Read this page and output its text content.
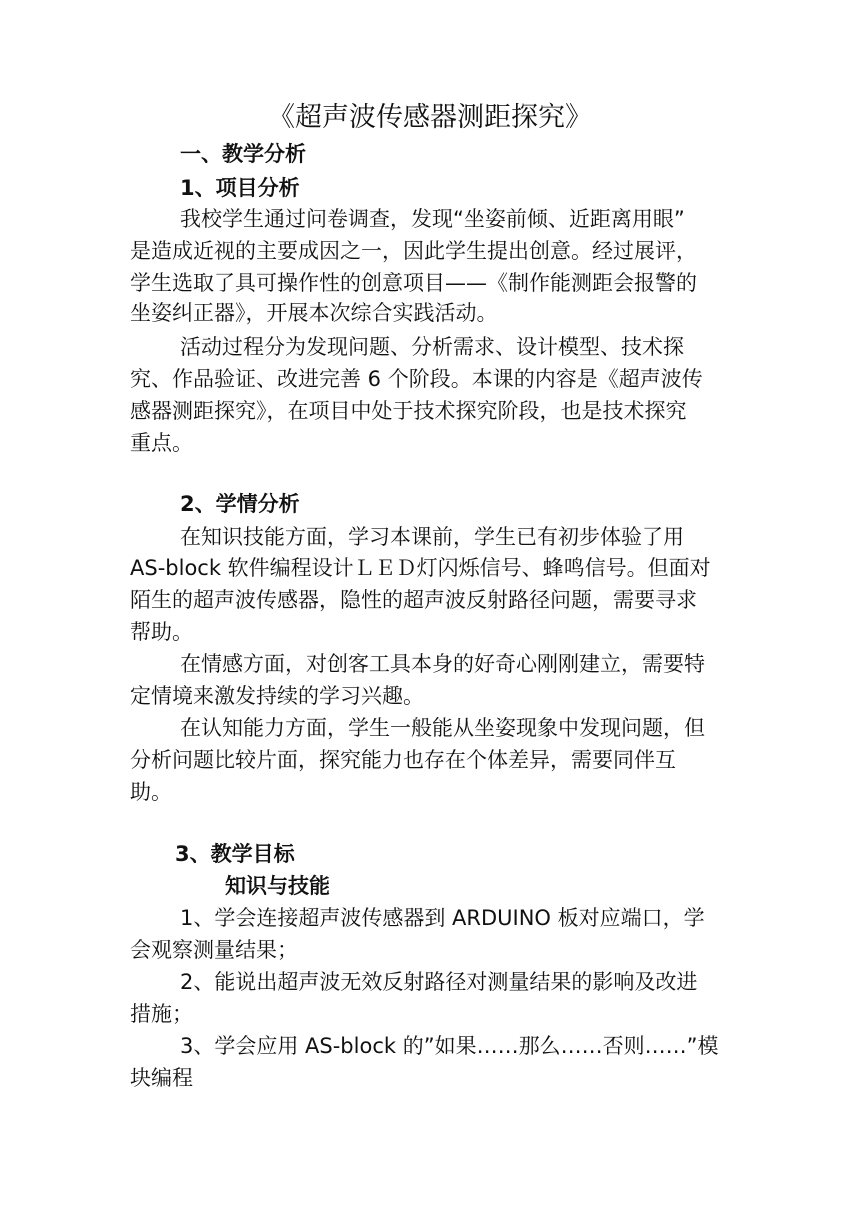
《超声波传感器测距探究》
一、教学分析
1、项目分析
我校学生通过问卷调查，发现“坐姿前倾、近距离用眼”
是造成近视的主要成因之一，因此学生提出创意。经过展评，
学生选取了具可操作性的创意项目——《制作能测距会报警的
坐姿纠正器》，开展本次综合实践活动。
活动过程分为发现问题、分析需求、设计模型、技术探
究、作品验证、改进完善 6 个阶段。本课的内容是《超声波传
感器测距探究》，在项目中处于技术探究阶段，也是技术探究
重点。
2、学情分析
在知识技能方面，学习本课前，学生已有初步体验了用
AS-block 软件编程设计ＬＥＤ灯闪烁信号、蜂鸣信号。但面对
陌生的超声波传感器，隐性的超声波反射路径问题，需要寻求
帮助。
在情感方面，对创客工具本身的好奇心刚刚建立，需要特
定情境来激发持续的学习兴趣。
在认知能力方面，学生一般能从坐姿现象中发现问题，但
分析问题比较片面，探究能力也存在个体差异，需要同伴互
助。
3、教学目标
知识与技能
1、学会连接超声波传感器到 ARDUINO 板对应端口，学
会观察测量结果；
2、能说出超声波无效反射路径对测量结果的影响及改进
措施；
3、学会应用 AS-block 的”如果……那么……否则……”模
块编程
